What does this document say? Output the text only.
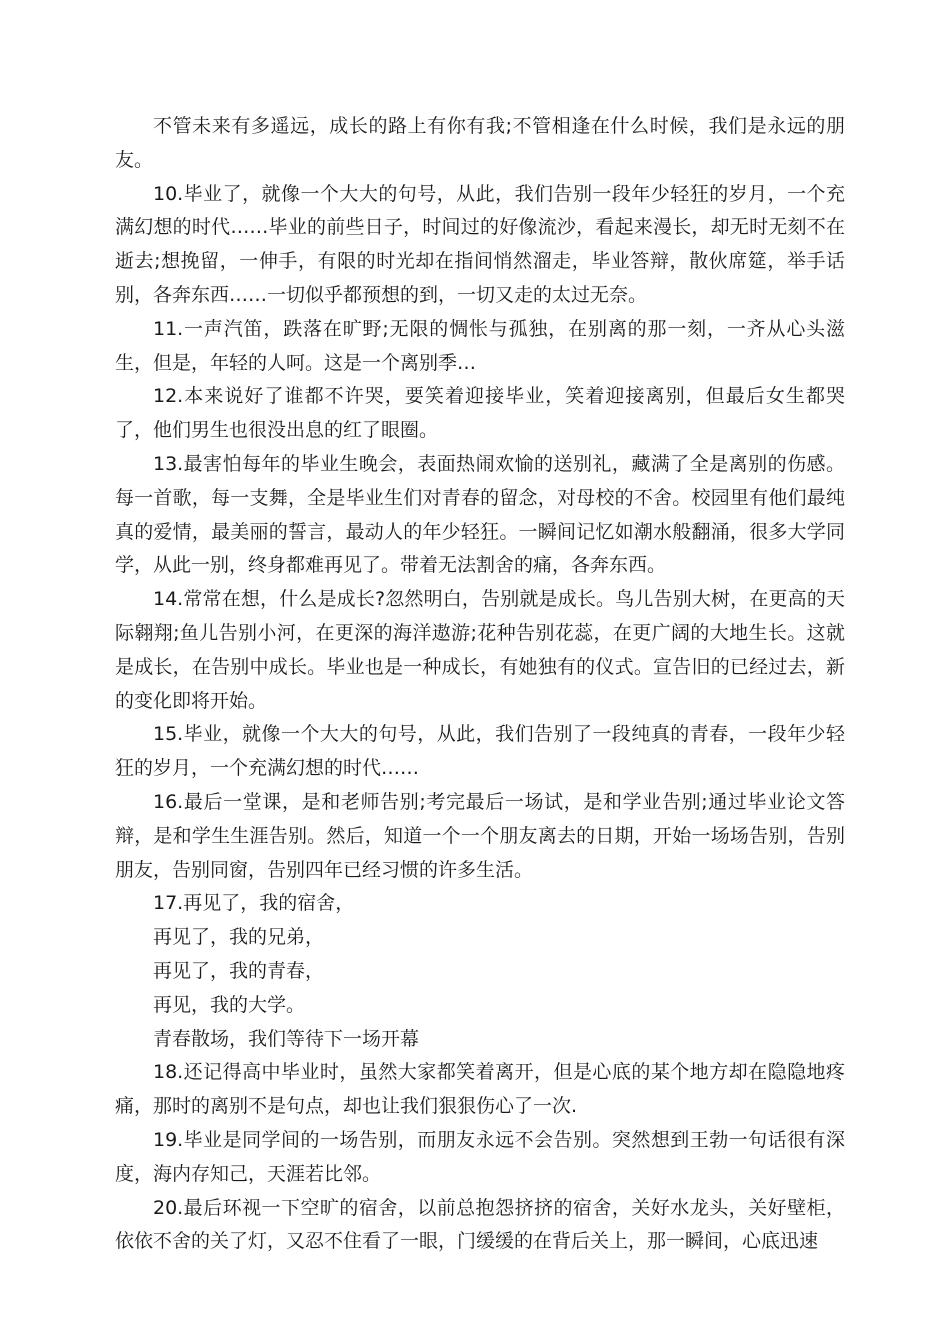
不管未来有多遥远，成长的路上有你有我;不管相逢在什么时候，我们是永远的朋友。

10.毕业了，就像一个大大的句号，从此，我们告别一段年少轻狂的岁月，一个充满幻想的时代……毕业的前些日子，时间过的好像流沙，看起来漫长，却无时无刻不在逝去;想挽留，一伸手，有限的时光却在指间悄然溜走，毕业答辩，散伙席筵，举手话别，各奔东西……一切似乎都预想的到，一切又走的太过无奈。

11.一声汽笛，跌落在旷野;无限的惆怅与孤独，在别离的那一刻，一齐从心头滋生，但是，年轻的人呵。这是一个离别季…

12.本来说好了谁都不许哭，要笑着迎接毕业，笑着迎接离别，但最后女生都哭了，他们男生也很没出息的红了眼圈。

13.最害怕每年的毕业生晚会，表面热闹欢愉的送别礼，藏满了全是离别的伤感。每一首歌，每一支舞，全是毕业生们对青春的留念，对母校的不舍。校园里有他们最纯真的爱情，最美丽的誓言，最动人的年少轻狂。一瞬间记忆如潮水般翻涌，很多大学同学，从此一别，终身都难再见了。带着无法割舍的痛，各奔东西。

14.常常在想，什么是成长?忽然明白，告别就是成长。鸟儿告别大树，在更高的天际翱翔;鱼儿告别小河，在更深的海洋遨游;花种告别花蕊，在更广阔的大地生长。这就是成长，在告别中成长。毕业也是一种成长，有她独有的仪式。宣告旧的已经过去，新的变化即将开始。

15.毕业，就像一个大大的句号，从此，我们告别了一段纯真的青春，一段年少轻狂的岁月，一个充满幻想的时代……

16.最后一堂课，是和老师告别;考完最后一场试，是和学业告别;通过毕业论文答辩，是和学生生涯告别。然后，知道一个一个朋友离去的日期，开始一场场告别，告别朋友，告别同窗，告别四年已经习惯的许多生活。

17.再见了，我的宿舍，

再见了，我的兄弟，

再见了，我的青春，

再见，我的大学。

青春散场，我们等待下一场开幕

18.还记得高中毕业时，虽然大家都笑着离开，但是心底的某个地方却在隐隐地疼痛，那时的离别不是句点，却也让我们狠狠伤心了一次.

19.毕业是同学间的一场告别，而朋友永远不会告别。突然想到王勃一句话很有深度，海内存知己，天涯若比邻。

20.最后环视一下空旷的宿舍，以前总抱怨挤挤的宿舍，关好水龙头，关好壁柜，依依不舍的关了灯，又忍不住看了一眼，门缓缓的在背后关上，那一瞬间，心底迅速
